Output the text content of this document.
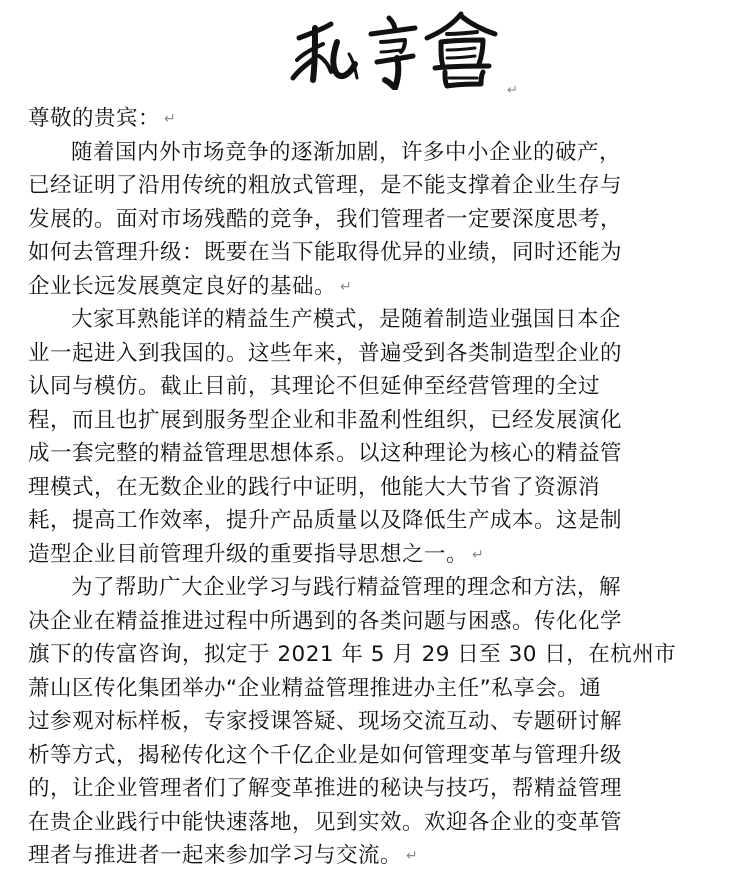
↵
尊敬的贵宾： ↵
随着国内外市场竞争的逐渐加剧，许多中小企业的破产，
已经证明了沿用传统的粗放式管理，是不能支撑着企业生存与
发展的。面对市场残酷的竞争，我们管理者一定要深度思考，
如何去管理升级：既要在当下能取得优异的业绩，同时还能为
企业长远发展奠定良好的基础。 ↵
大家耳熟能详的精益生产模式，是随着制造业强国日本企
业一起进入到我国的。这些年来，普遍受到各类制造型企业的
认同与模仿。截止目前，其理论不但延伸至经营管理的全过
程，而且也扩展到服务型企业和非盈利性组织，已经发展演化
成一套完整的精益管理思想体系。以这种理论为核心的精益管
理模式，在无数企业的践行中证明，他能大大节省了资源消
耗，提高工作效率，提升产品质量以及降低生产成本。这是制
造型企业目前管理升级的重要指导思想之一。 ↵
为了帮助广大企业学习与践行精益管理的理念和方法，解
决企业在精益推进过程中所遇到的各类问题与困惑。传化化学
旗下的传富咨询，拟定于 2021 年 5 月 29 日至 30 日，在杭州市
萧山区传化集团举办“企业精益管理推进办主任”私享会。通
过参观对标样板，专家授课答疑、现场交流互动、专题研讨解
析等方式，揭秘传化这个千亿企业是如何管理变革与管理升级
的，让企业管理者们了解变革推进的秘诀与技巧，帮精益管理
在贵企业践行中能快速落地，见到实效。欢迎各企业的变革管
理者与推进者一起来参加学习与交流。 ↵
